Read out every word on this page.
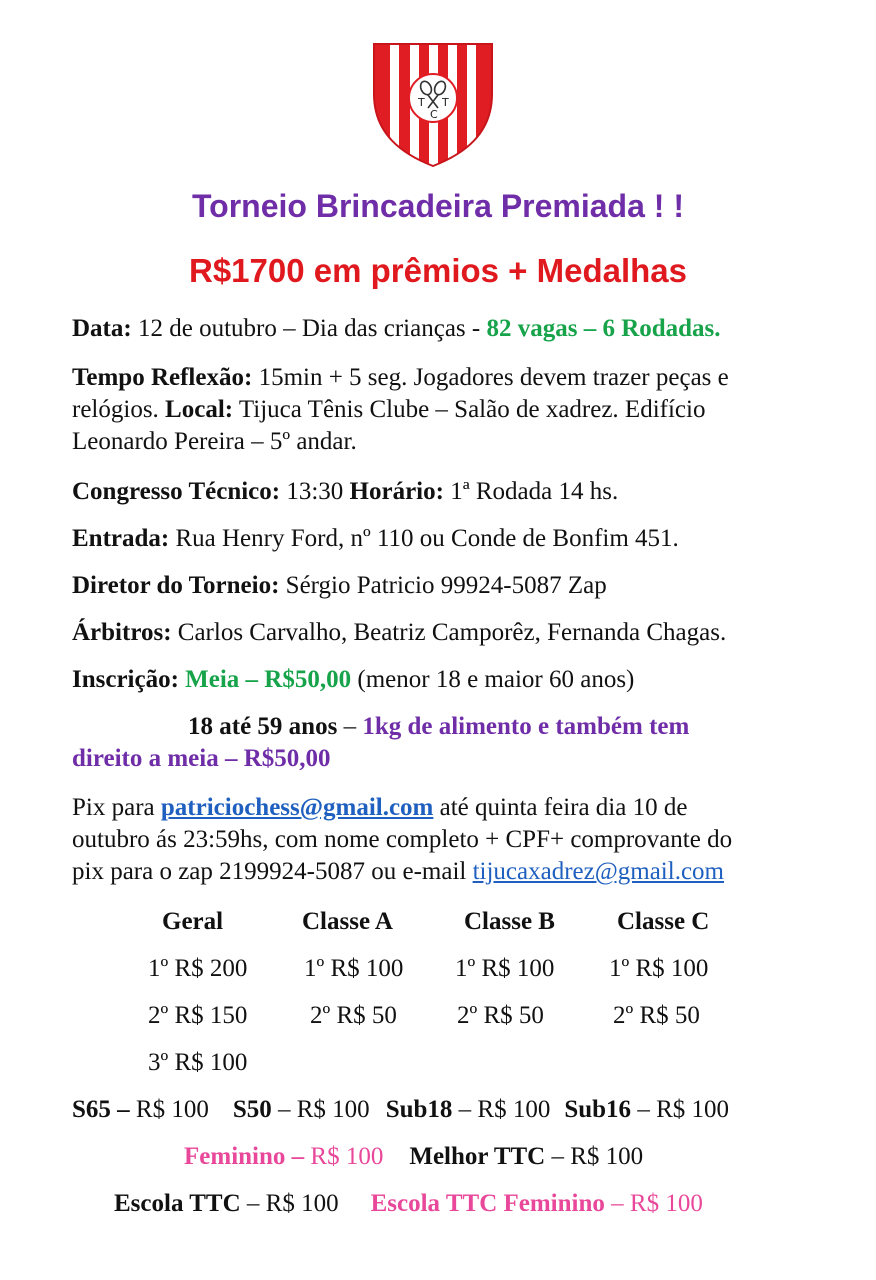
T
C
T
Torneio Brincadeira Premiada ! !
R$1700 em prêmios + Medalhas
Data: 12 de outubro – Dia das crianças - 82 vagas – 6 Rodadas.
Tempo Reflexão: 15min + 5 seg. Jogadores devem trazer peças e
relógios. Local: Tijuca Tênis Clube – Salão de xadrez. Edifício
Leonardo Pereira – 5º andar.
Congresso Técnico: 13:30 Horário: 1ª Rodada 14 hs.
Entrada: Rua Henry Ford, nº 110 ou Conde de Bonfim 451.
Diretor do Torneio: Sérgio Patricio 99924-5087 Zap
Árbitros: Carlos Carvalho, Beatriz Camporêz, Fernanda Chagas.
Inscrição: Meia – R$50,00 (menor 18 e maior 60 anos)
18 até 59 anos – 1kg de alimento e também tem
direito a meia – R$50,00
Pix para patriciochess@gmail.com até quinta feira dia 10 de
outubro ás 23:59hs, com nome completo + CPF+ comprovante do
pix para o zap 2199924-5087 ou e-mail tijucaxadrez@gmail.com
Geral	Classe A	Classe B Classe C
1º R$ 200
2º R$ 150
3º R$ 100
1º R$ 100
2º R$ 50
1º R$ 100
2º R$ 50
1º R$ 100
2º R$ 50
S65 – R$ 100 S50 – R$ 100 Sub18 – R$ 100 Sub16 – R$ 100
Feminino – R$ 100 Melhor TTC – R$ 100
Escola TTC – R$ 100 Escola TTC Feminino – R$ 100
